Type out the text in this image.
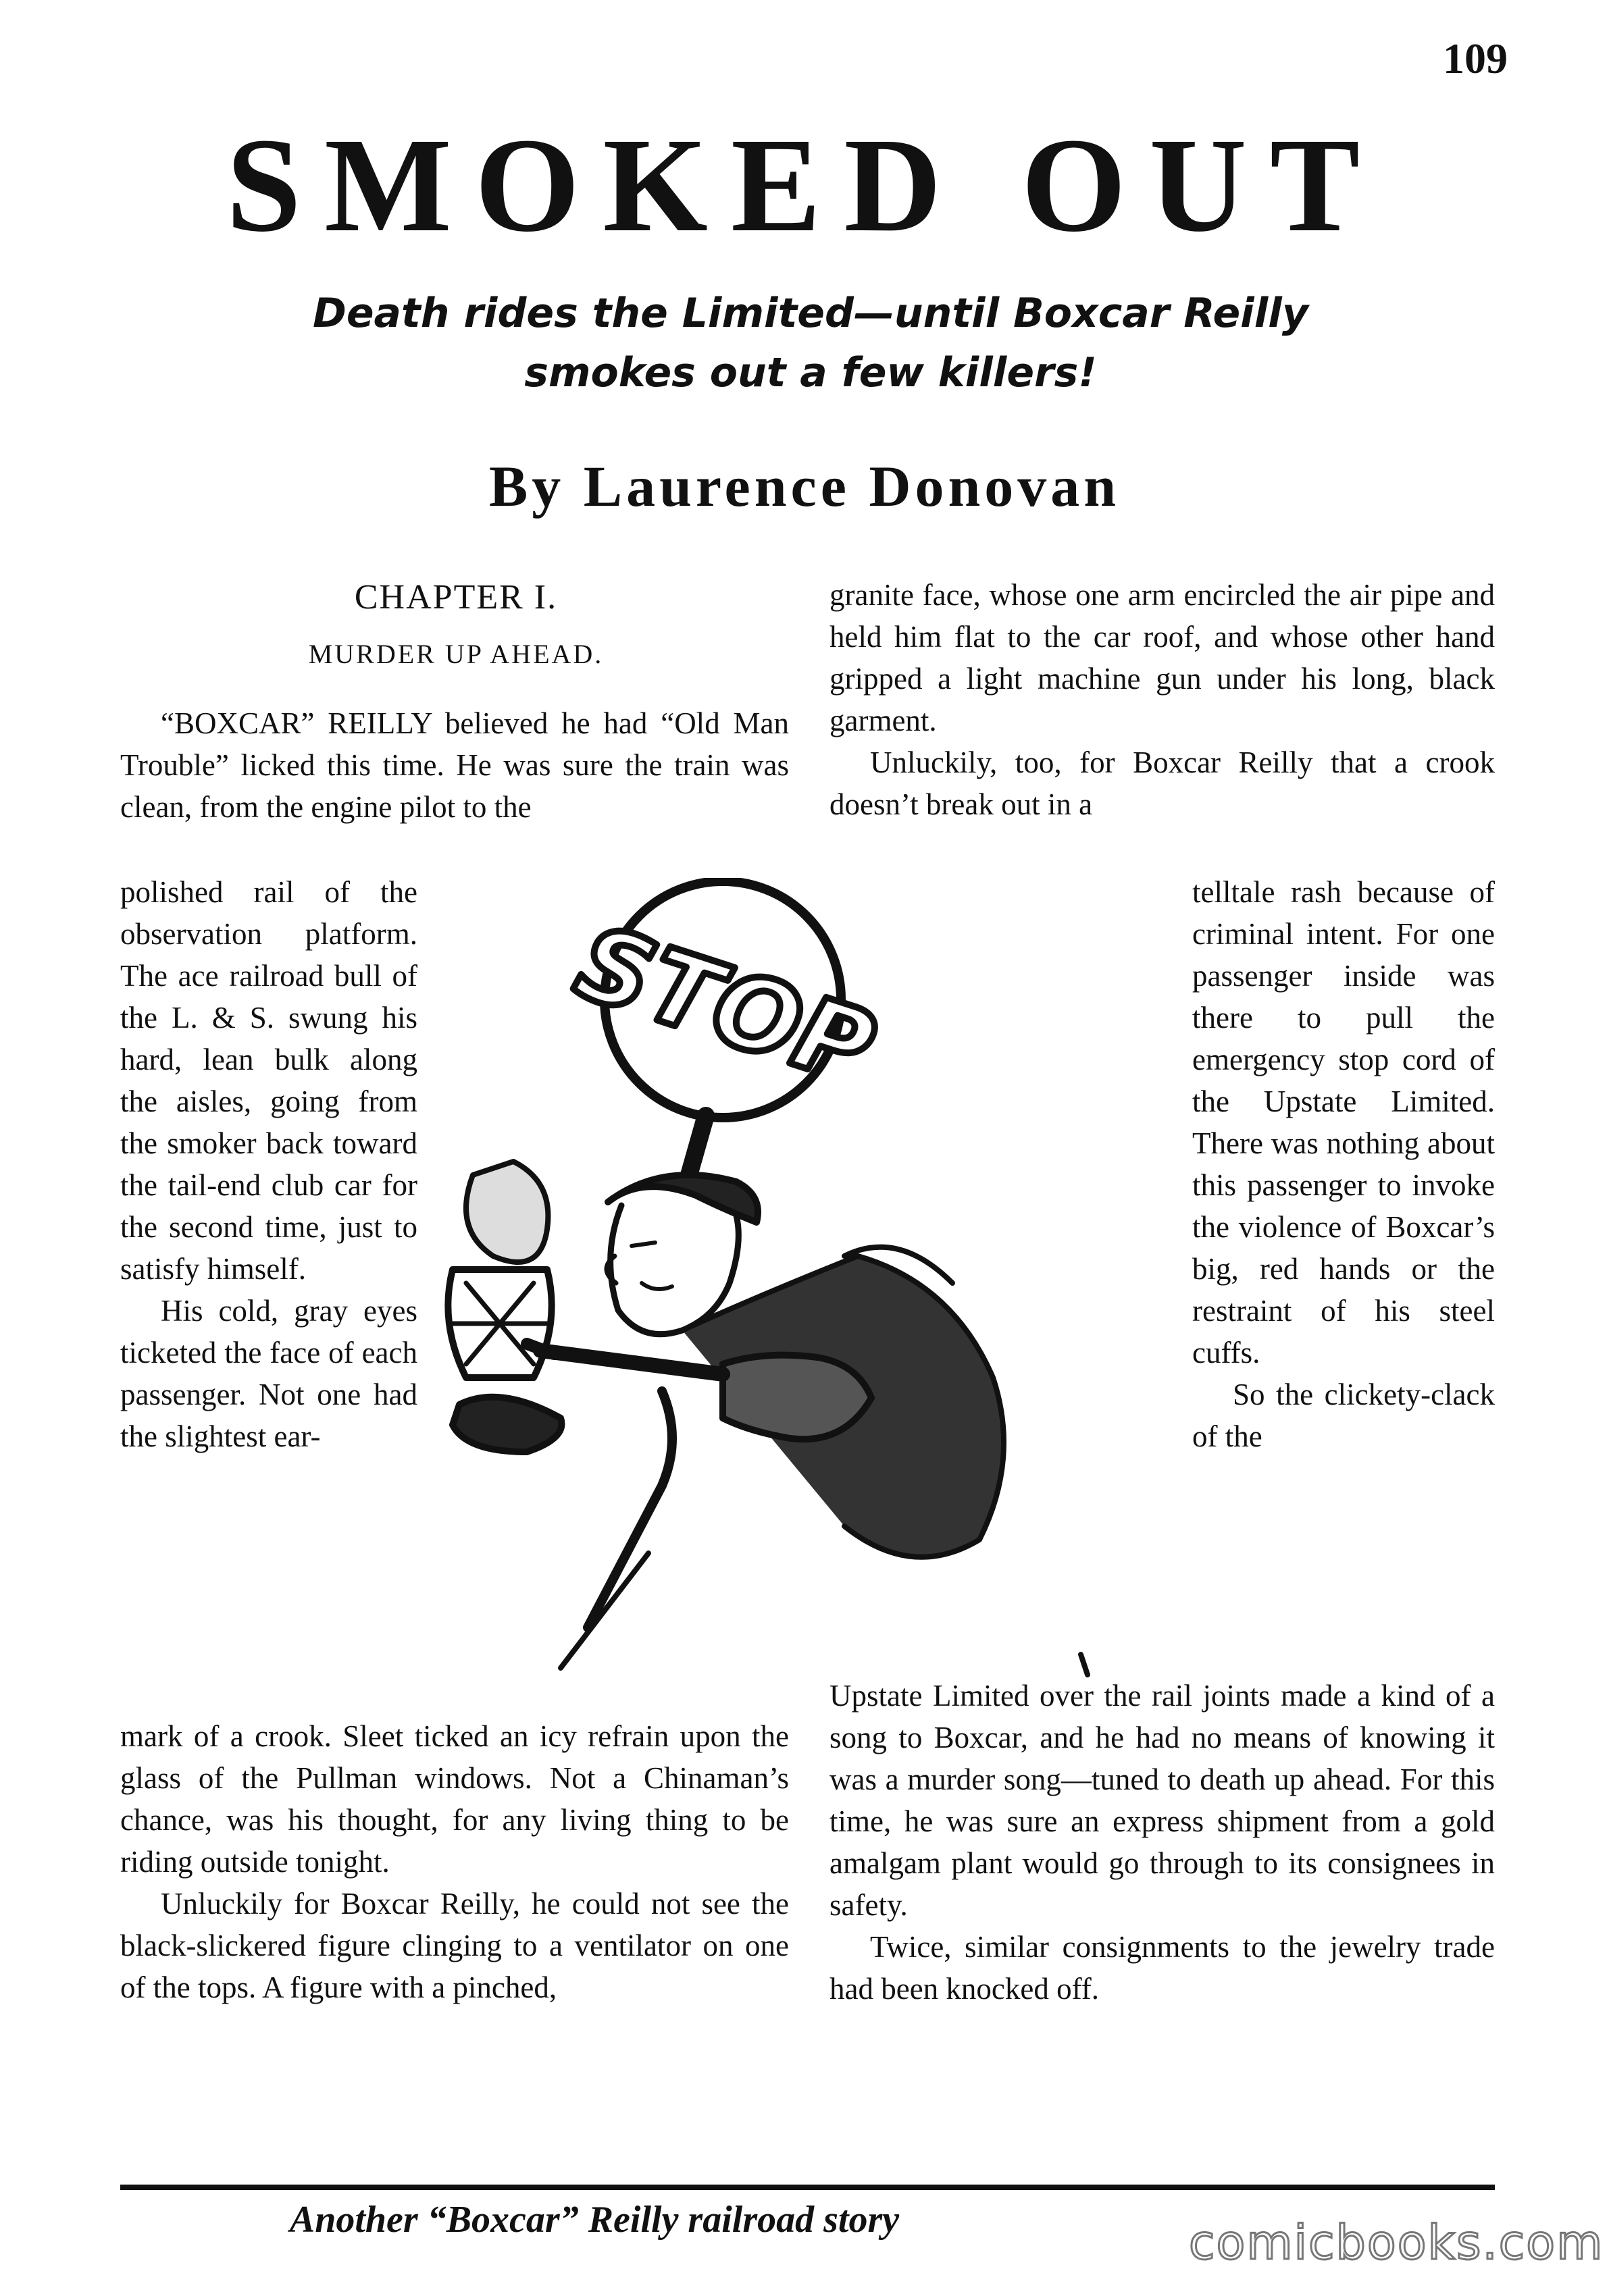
109
SMOKED OUT
Death rides the Limited—until Boxcar Reilly
smokes out a few killers!
By Laurence Donovan
CHAPTER I.
MURDER UP AHEAD.

“BOXCAR” REILLY believed he had “Old Man Trouble” licked this time. He was sure the train was clean, from the engine pilot to the

polished rail of the observation platform. The ace railroad bull of the L. & S. swung his hard, lean bulk along the aisles, going from the smoker back toward the tail-end club car for the second time, just to satisfy himself.

His cold, gray eyes ticketed the face of each passenger. Not one had the slightest ear-

mark of a crook. Sleet ticked an icy refrain upon the glass of the Pullman windows. Not a Chinaman’s chance, was his thought, for any living thing to be riding outside tonight.

Unluckily for Boxcar Reilly, he could not see the black-slickered figure clinging to a ventilator on one of the tops. A figure with a pinched,

granite face, whose one arm encircled the air pipe and held him flat to the car roof, and whose other hand gripped a light machine gun under his long, black garment.

Unluckily, too, for Boxcar Reilly that a crook doesn’t break out in a

telltale rash because of criminal intent. For one passenger inside was there to pull the emergency stop cord of the Upstate Limited. There was nothing about this passenger to invoke the violence of Boxcar’s big, red hands or the restraint of his steel cuffs.

So the clickety-clack of the

Upstate Limited over the rail joints made a kind of a song to Boxcar, and he had no means of knowing it was a murder song—tuned to death up ahead. For this time, he was sure an express shipment from a gold amalgam plant would go through to its consignees in safety.

Twice, similar consignments to the jewelry trade had been knocked off.

STOP
Another “Boxcar” Reilly railroad story	comicbooks.com
